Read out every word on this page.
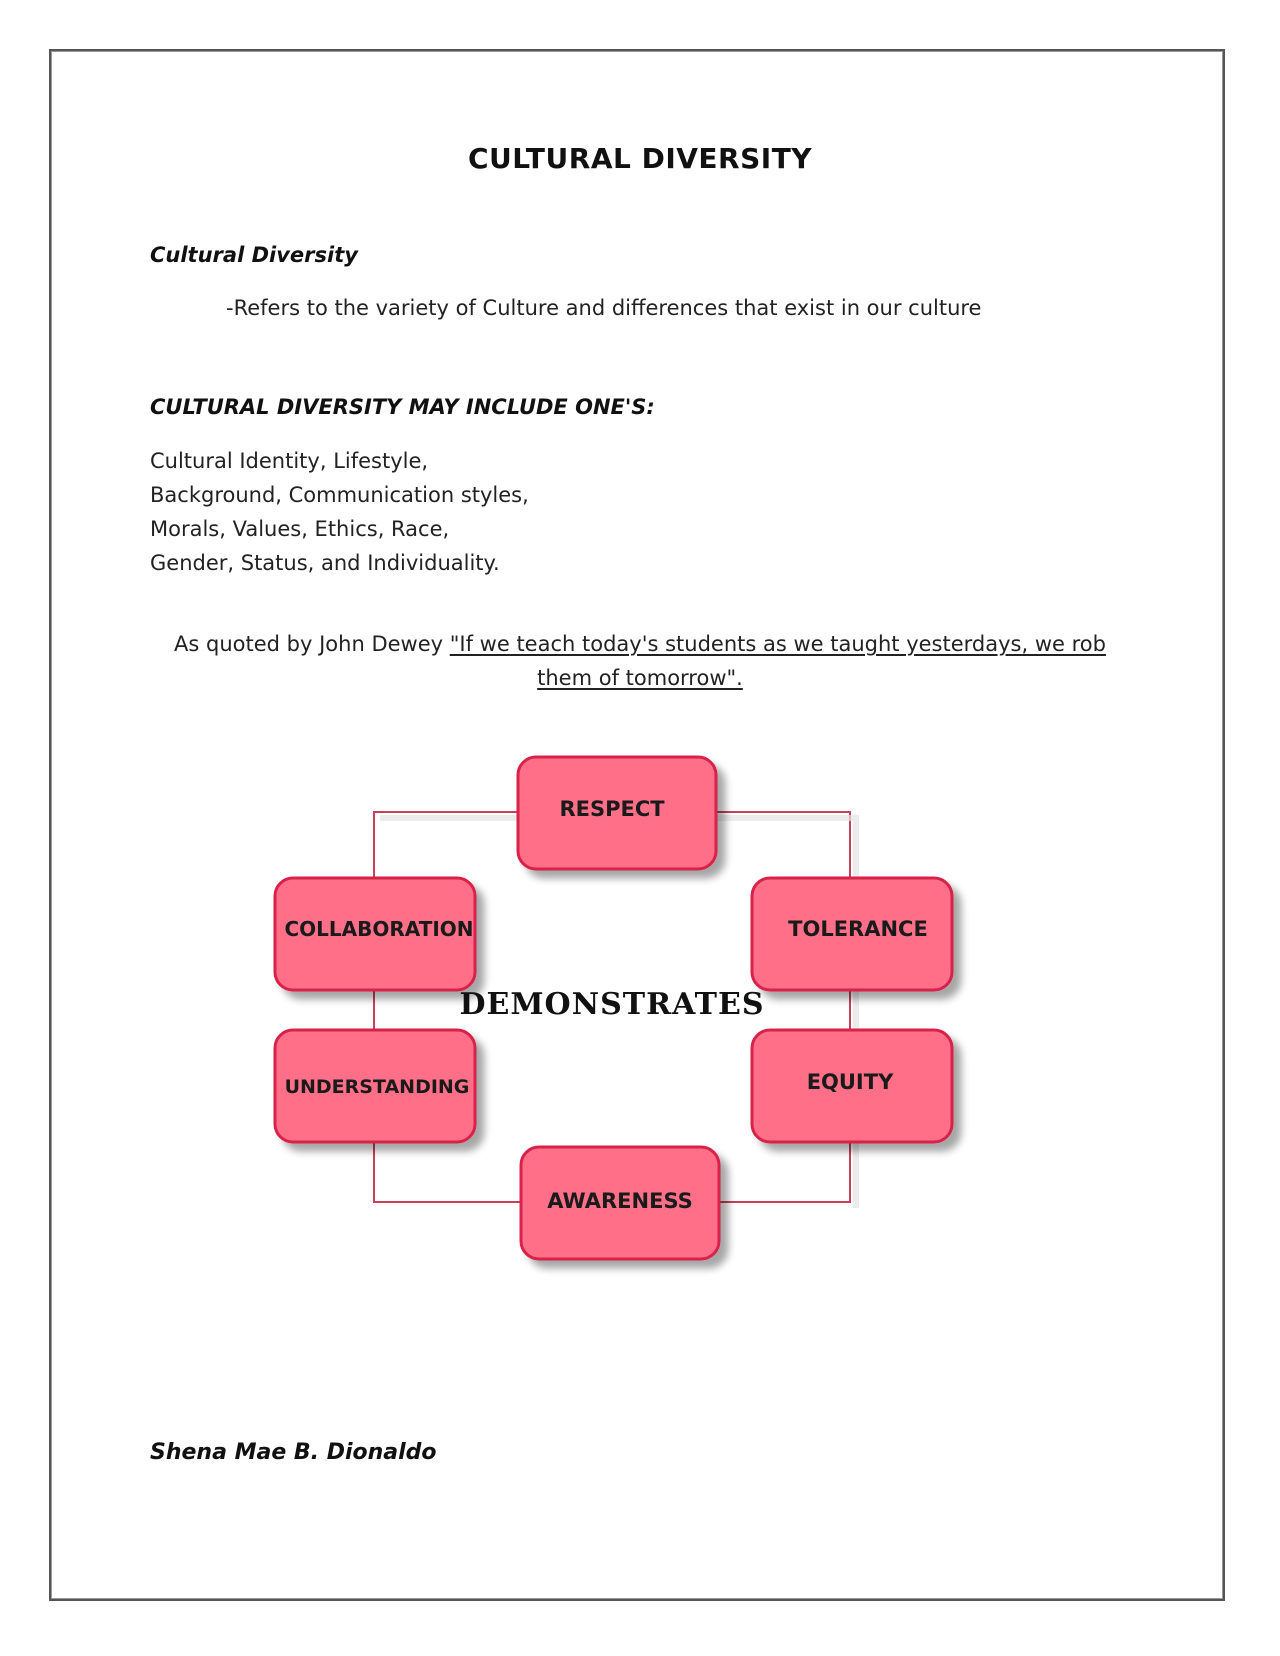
CULTURAL DIVERSITY
Cultural Diversity
-Refers to the variety of Culture and differences that exist in our culture
CULTURAL DIVERSITY MAY INCLUDE ONE'S:
Cultural Identity, Lifestyle,
Background, Communication styles,
Morals, Values, Ethics, Race,
Gender, Status, and Individuality.
As quoted by John Dewey "If we teach today's students as we taught yesterdays, we rob them of tomorrow".
RESPECT
COLLABORATION	TOLERANCE
UNDERSTANDING	EQUITY
AWARENESS
DEMONSTRATES
Shena Mae B. Dionaldo
